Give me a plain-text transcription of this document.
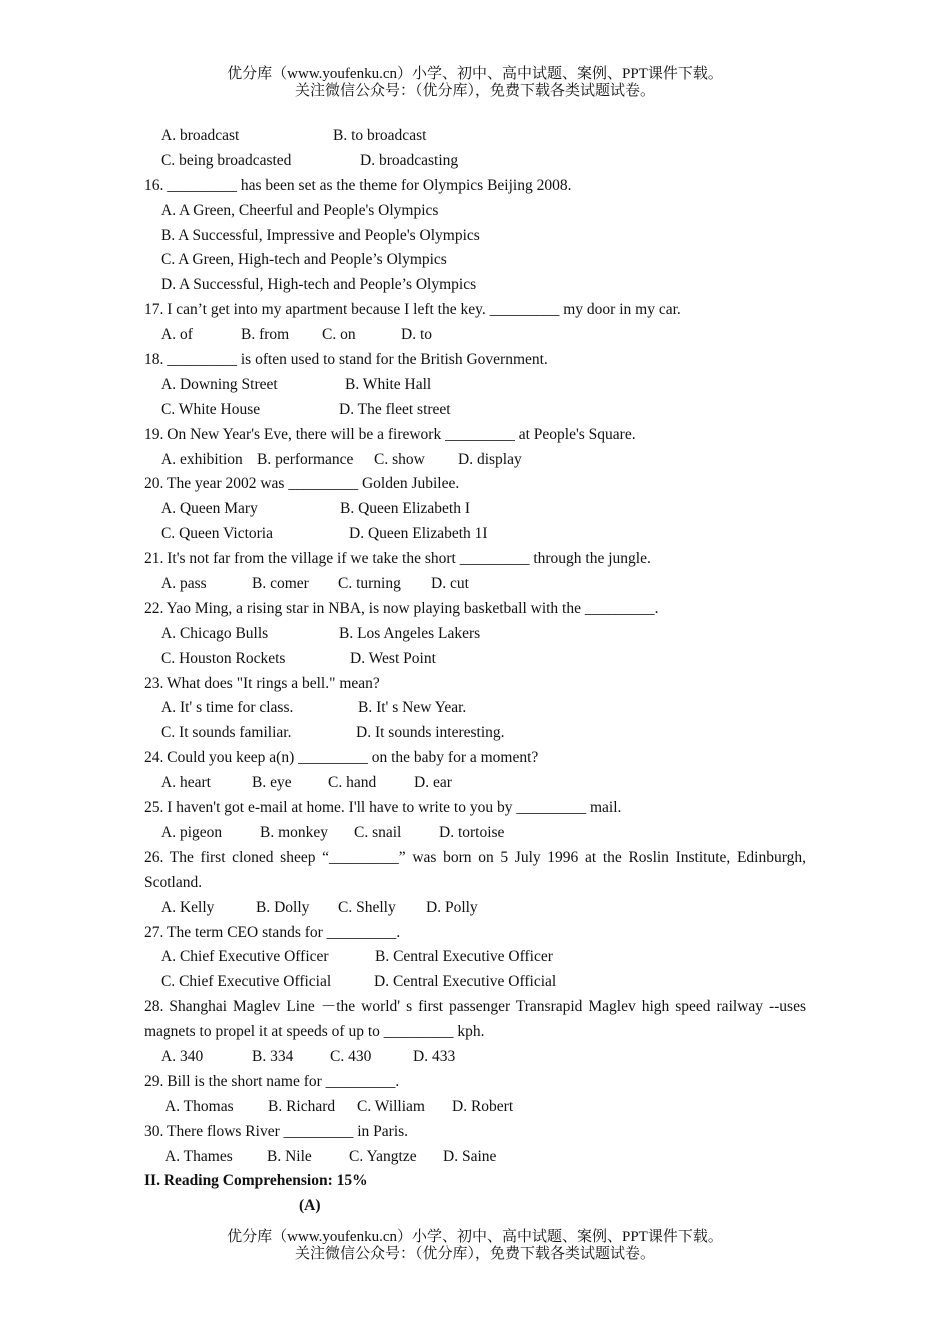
优分库（www.youfenku.cn）小学、初中、高中试题、案例、PPT课件下载。
关注微信公众号：（优分库），免费下载各类试题试卷。
A. broadcast	B. to broadcast
C. being broadcasted	D. broadcasting
16. _________ has been set as the theme for Olympics Beijing 2008.
A. A Green, Cheerful and People's Olympics
B. A Successful, Impressive and People's Olympics
C. A Green, High-tech and People’s Olympics
D. A Successful, High-tech and People’s Olympics
17. I can’t get into my apartment because I left the key. _________ my door in my car.
A. of	B. from C. on	D. to
18. _________ is often used to stand for the British Government.
A. Downing Street	B. White Hall
C. White House	D. The fleet street
19. On New Year's Eve, there will be a firework _________ at People's Square.
A. exhibition B. performance C. show D. display
20. The year 2002 was _________ Golden Jubilee.
A. Queen Mary	B. Queen Elizabeth I
C. Queen Victoria	D. Queen Elizabeth 1I
21. It's not far from the village if we take the short _________ through the jungle.
A. pass	B. comer C. turning D. cut
22. Yao Ming, a rising star in NBA, is now playing basketball with the _________.
A. Chicago Bulls	B. Los Angeles Lakers
C. Houston Rockets	D. West Point
23. What does "It rings a bell." mean?
A. It' s time for class.	B. It' s New Year.
C. It sounds familiar.	D. It sounds interesting.
24. Could you keep a(n) _________ on the baby for a moment?
A. heart	B. eye C. hand D. ear
25. I haven't got e-mail at home. I'll have to write to you by _________ mail.
A. pigeon B. monkey C. snail D. tortoise
26. The first cloned sheep “_________” was born on 5 July 1996 at the Roslin Institute, Edinburgh, Scotland.
A. Kelly	B. Dolly C. Shelly D. Polly
27. The term CEO stands for _________.
A. Chief Executive Officer	B. Central Executive Officer
C. Chief Executive Official	D. Central Executive Official
28. Shanghai Maglev Line －the world' s first passenger Transrapid Maglev high speed railway --uses magnets to propel it at speeds of up to _________ kph.
A. 340	B. 334 C. 430	D. 433
29. Bill is the short name for _________.
A. Thomas B. Richard C. William D. Robert
30. There flows River _________ in Paris.
A. Thames B. Nile C. Yangtze D. Saine
II. Reading Comprehension: 15%
(A)
优分库（www.youfenku.cn）小学、初中、高中试题、案例、PPT课件下载。
关注微信公众号：（优分库），免费下载各类试题试卷。
